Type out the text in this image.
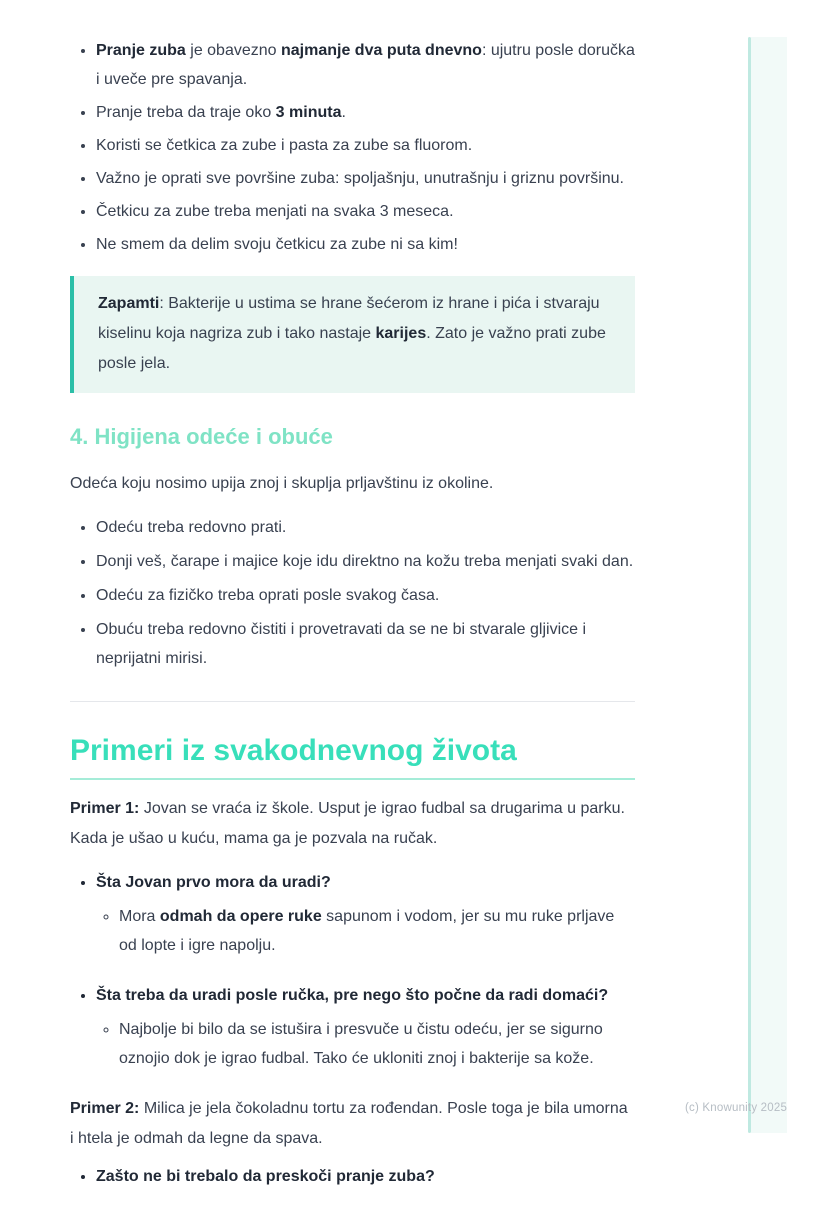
(c) Knowunity 2025
• Pranje zuba je obavezno najmanje dva puta dnevno: ujutru posle doručka i uveče pre spavanja.
• Pranje treba da traje oko 3 minuta.
• Koristi se četkica za zube i pasta za zube sa fluorom.
• Važno je oprati sve površine zuba: spoljašnju, unutrašnju i griznu površinu.
• Četkicu za zube treba menjati na svaka 3 meseca.
• Ne smem da delim svoju četkicu za zube ni sa kim!
Zapamti: Bakterije u ustima se hrane šećerom iz hrane i pića i stvaraju kiselinu koja nagriza zub i tako nastaje karijes. Zato je važno prati zube posle jela.
4. Higijena odeće i obuće

Odeća koju nosimo upija znoj i skuplja prljavštinu iz okoline.

• Odeću treba redovno prati.
• Donji veš, čarape i majice koje idu direktno na kožu treba menjati svaki dan.
• Odeću za fizičko treba oprati posle svakog časa.
• Obuću treba redovno čistiti i provetravati da se ne bi stvarale gljivice i neprijatni mirisi.
Primeri iz svakodnevnog života

Primer 1: Jovan se vraća iz škole. Usput je igrao fudbal sa drugarima u parku. Kada je ušao u kuću, mama ga je pozvala na ručak.

• Šta Jovan prvo mora da uradi?
◦ Mora odmah da opere ruke sapunom i vodom, jer su mu ruke prljave od lopte i igre napolju.
• Šta treba da uradi posle ručka, pre nego što počne da radi domaći?
◦ Najbolje bi bilo da se istušira i presvuče u čistu odeću, jer se sigurno oznojio dok je igrao fudbal. Tako će ukloniti znoj i bakterije sa kože.

Primer 2: Milica je jela čokoladnu tortu za rođendan. Posle toga je bila umorna i htela je odmah da legne da spava.

• Zašto ne bi trebalo da preskoči pranje zuba?
